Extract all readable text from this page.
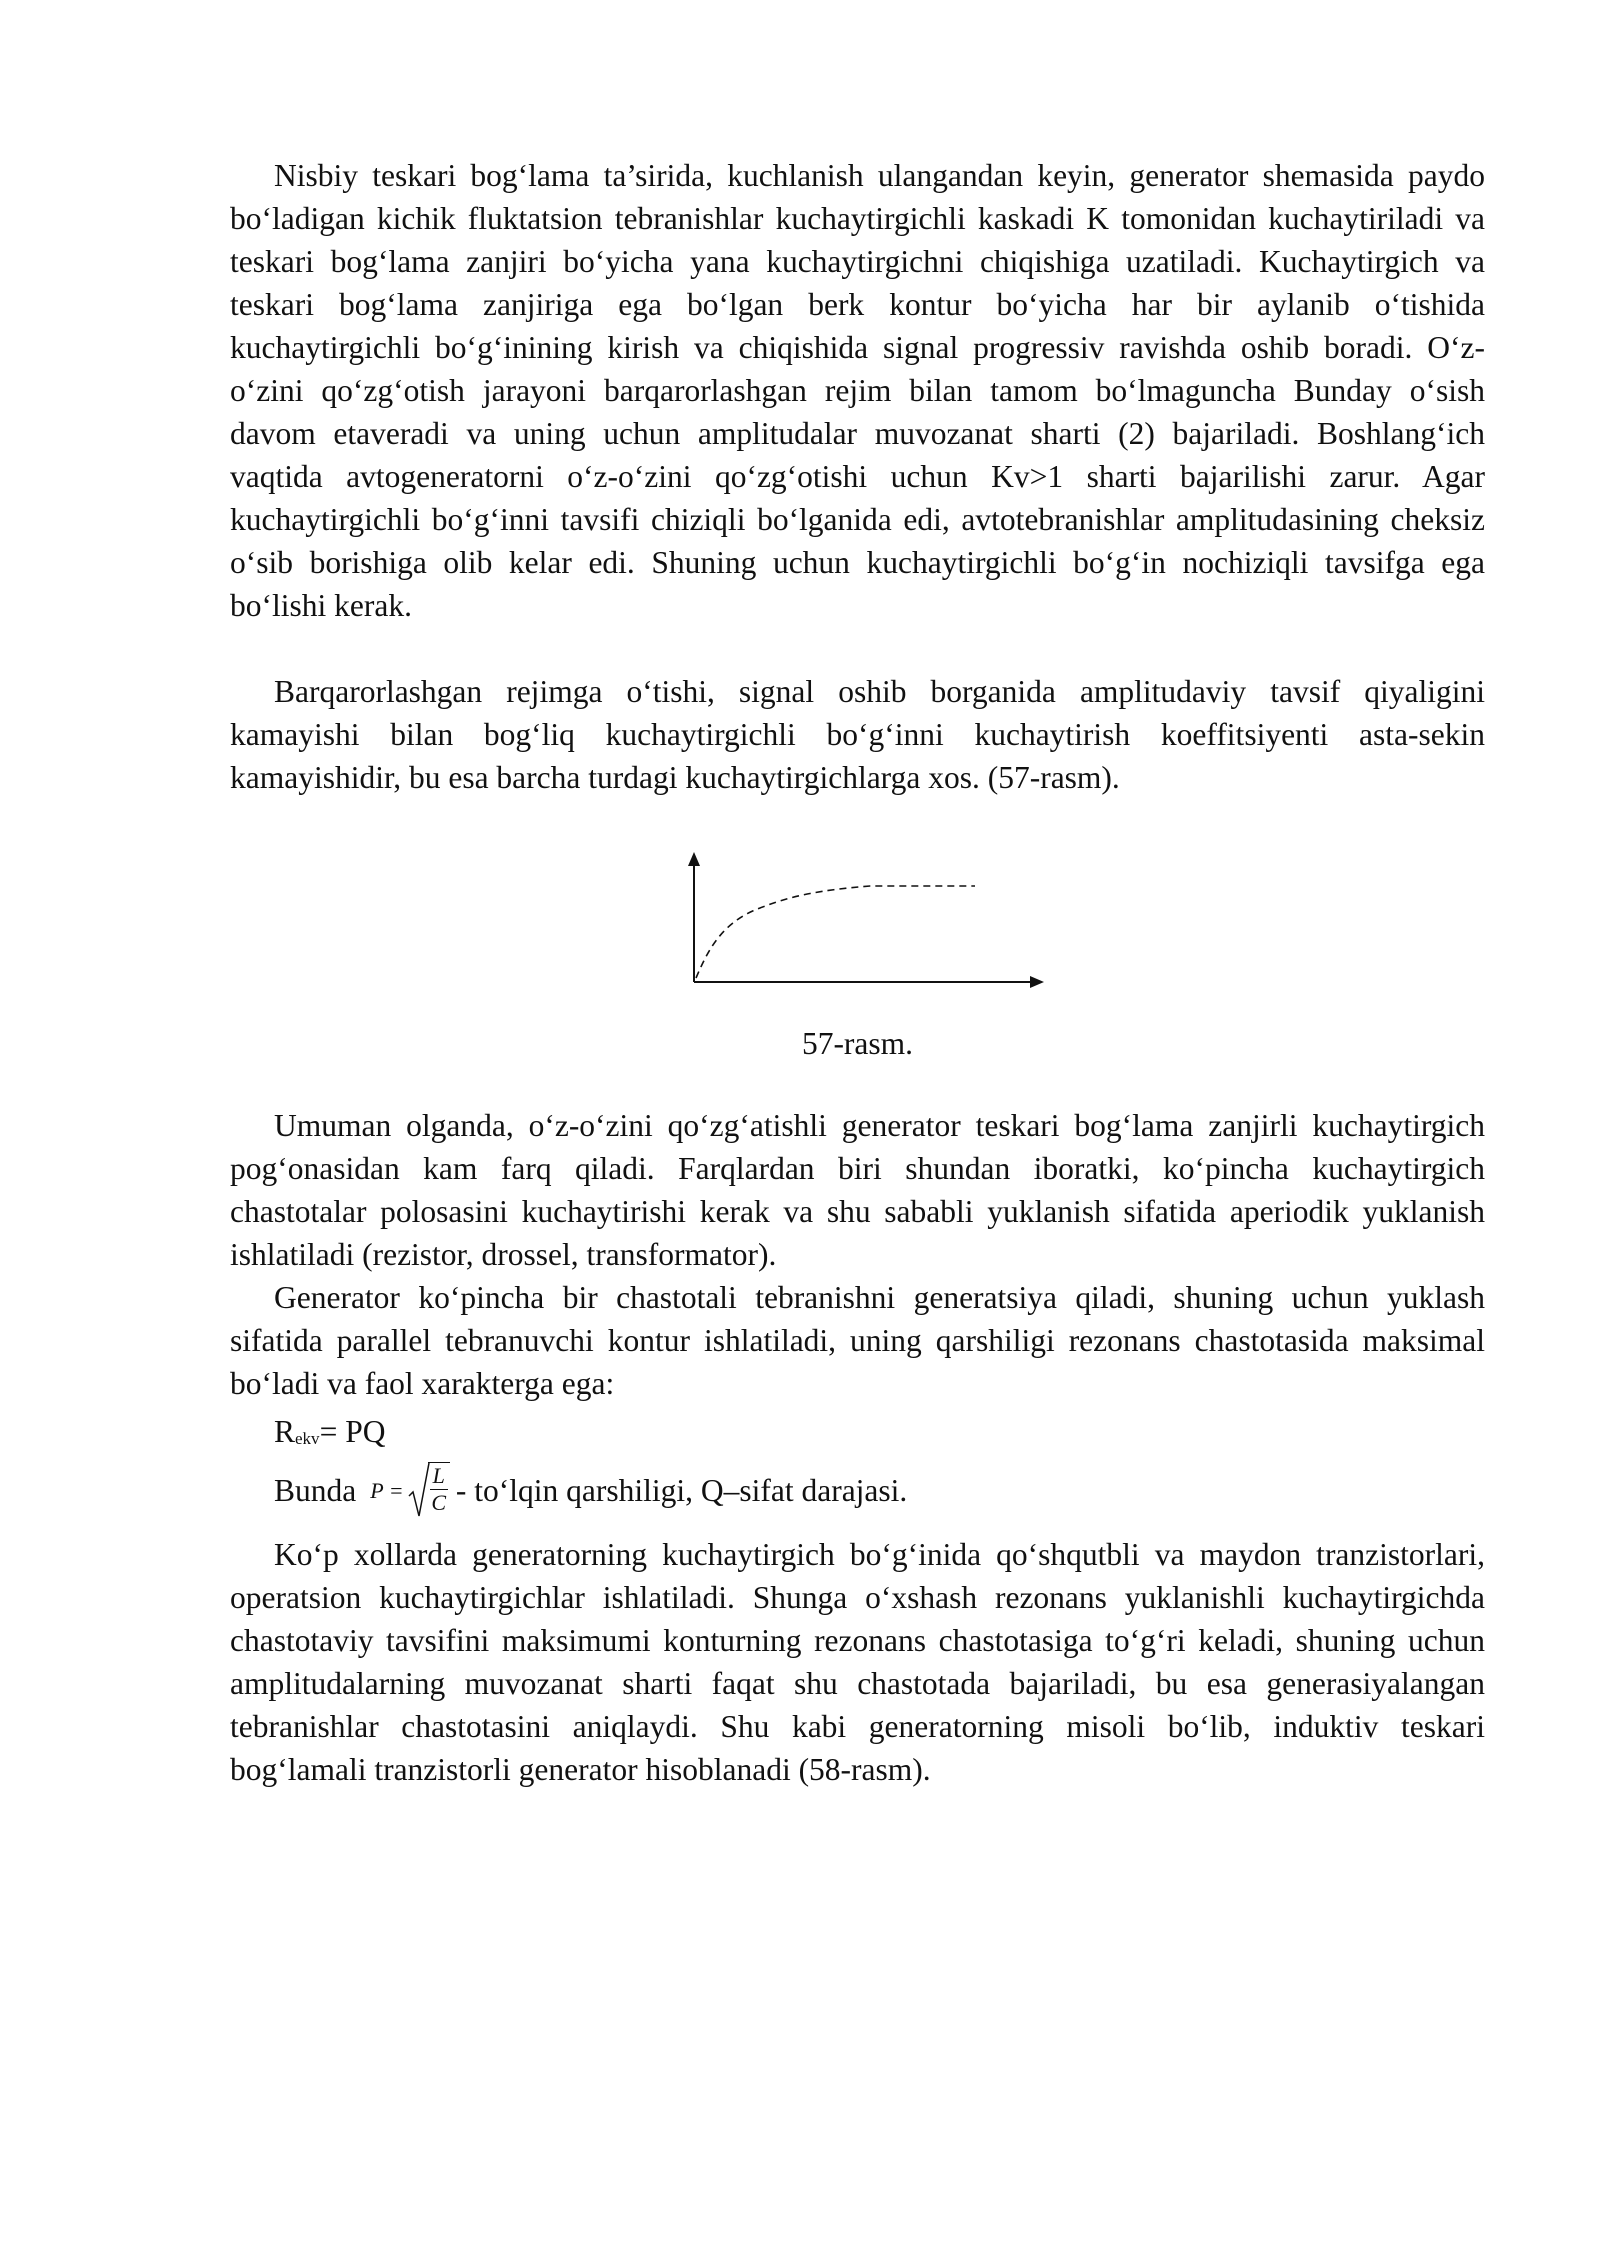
Nisbiy teskari bog‘lama ta’sirida, kuchlanish ulangandan keyin, generator shemasida paydo bo‘ladigan kichik fluktatsion tebranishlar kuchaytirgichli kaskadi K tomonidan kuchaytiriladi va teskari bog‘lama zanjiri bo‘yicha yana kuchaytirgichni chiqishiga uzatiladi. Kuchaytirgich va teskari bog‘lama zanjiriga ega bo‘lgan berk kontur bo‘yicha har bir aylanib o‘tishida kuchaytirgichli bo‘g‘inining kirish va chiqishida signal progressiv ravishda oshib boradi. O‘z-o‘zini qo‘zg‘otish jarayoni barqarorlashgan rejim bilan tamom bo‘lmaguncha Bunday o‘sish davom etaveradi va uning uchun amplitudalar muvozanat sharti (2) bajariladi. Boshlang‘ich vaqtida avtogeneratorni o‘z-o‘zini qo‘zg‘otishi uchun Kv>1 sharti bajarilishi zarur. Agar kuchaytirgichli bo‘g‘inni tavsifi chiziqli bo‘lganida edi, avtotebranishlar amplitudasining cheksiz o‘sib borishiga olib kelar edi. Shuning uchun kuchaytirgichli bo‘g‘in nochiziqli tavsifga ega bo‘lishi kerak.

Barqarorlashgan rejimga o‘tishi, signal oshib borganida amplitudaviy tavsif qiyaligini kamayishi bilan bog‘liq kuchaytirgichli bo‘g‘inni kuchaytirish koeffitsiyenti asta-sekin kamayishidir, bu esa barcha turdagi kuchaytirgichlarga xos. (57-rasm).

57-rasm.

Umuman olganda, o‘z-o‘zini qo‘zg‘atishli generator teskari bog‘lama zanjirli kuchaytirgich pog‘onasidan kam farq qiladi. Farqlardan biri shundan iboratki, ko‘pincha kuchaytirgich chastotalar polosasini kuchaytirishi kerak va shu sababli yuklanish sifatida aperiodik yuklanish ishlatiladi (rezistor, drossel, transformator).

Generator ko‘pincha bir chastotali tebranishni generatsiya qiladi, shuning uchun yuklash sifatida parallel tebranuvchi kontur ishlatiladi, uning qarshiligi rezonans chastotasida maksimal bo‘ladi va faol xarakterga ega:

$R_{ekv}=$ PQ
Bunda $P = \frac{L}{C}$ - to‘lqin qarshiligi, Q–sifat darajasi.

Ko‘p xollarda generatorning kuchaytirgich bo‘g‘inida qo‘shqutbli va maydon tranzistorlari, operatsion kuchaytirgichlar ishlatiladi. Shunga o‘xshash rezonans yuklanishli kuchaytirgichda chastotaviy tavsifini maksimumi konturning rezonans chastotasiga to‘g‘ri keladi, shuning uchun amplitudalarning muvozanat sharti faqat shu chastotada bajariladi, bu esa generasiyalangan tebranishlar chastotasini aniqlaydi. Shu kabi generatorning misoli bo‘lib, induktiv teskari bog‘lamali tranzistorli generator hisoblanadi (58-rasm).
